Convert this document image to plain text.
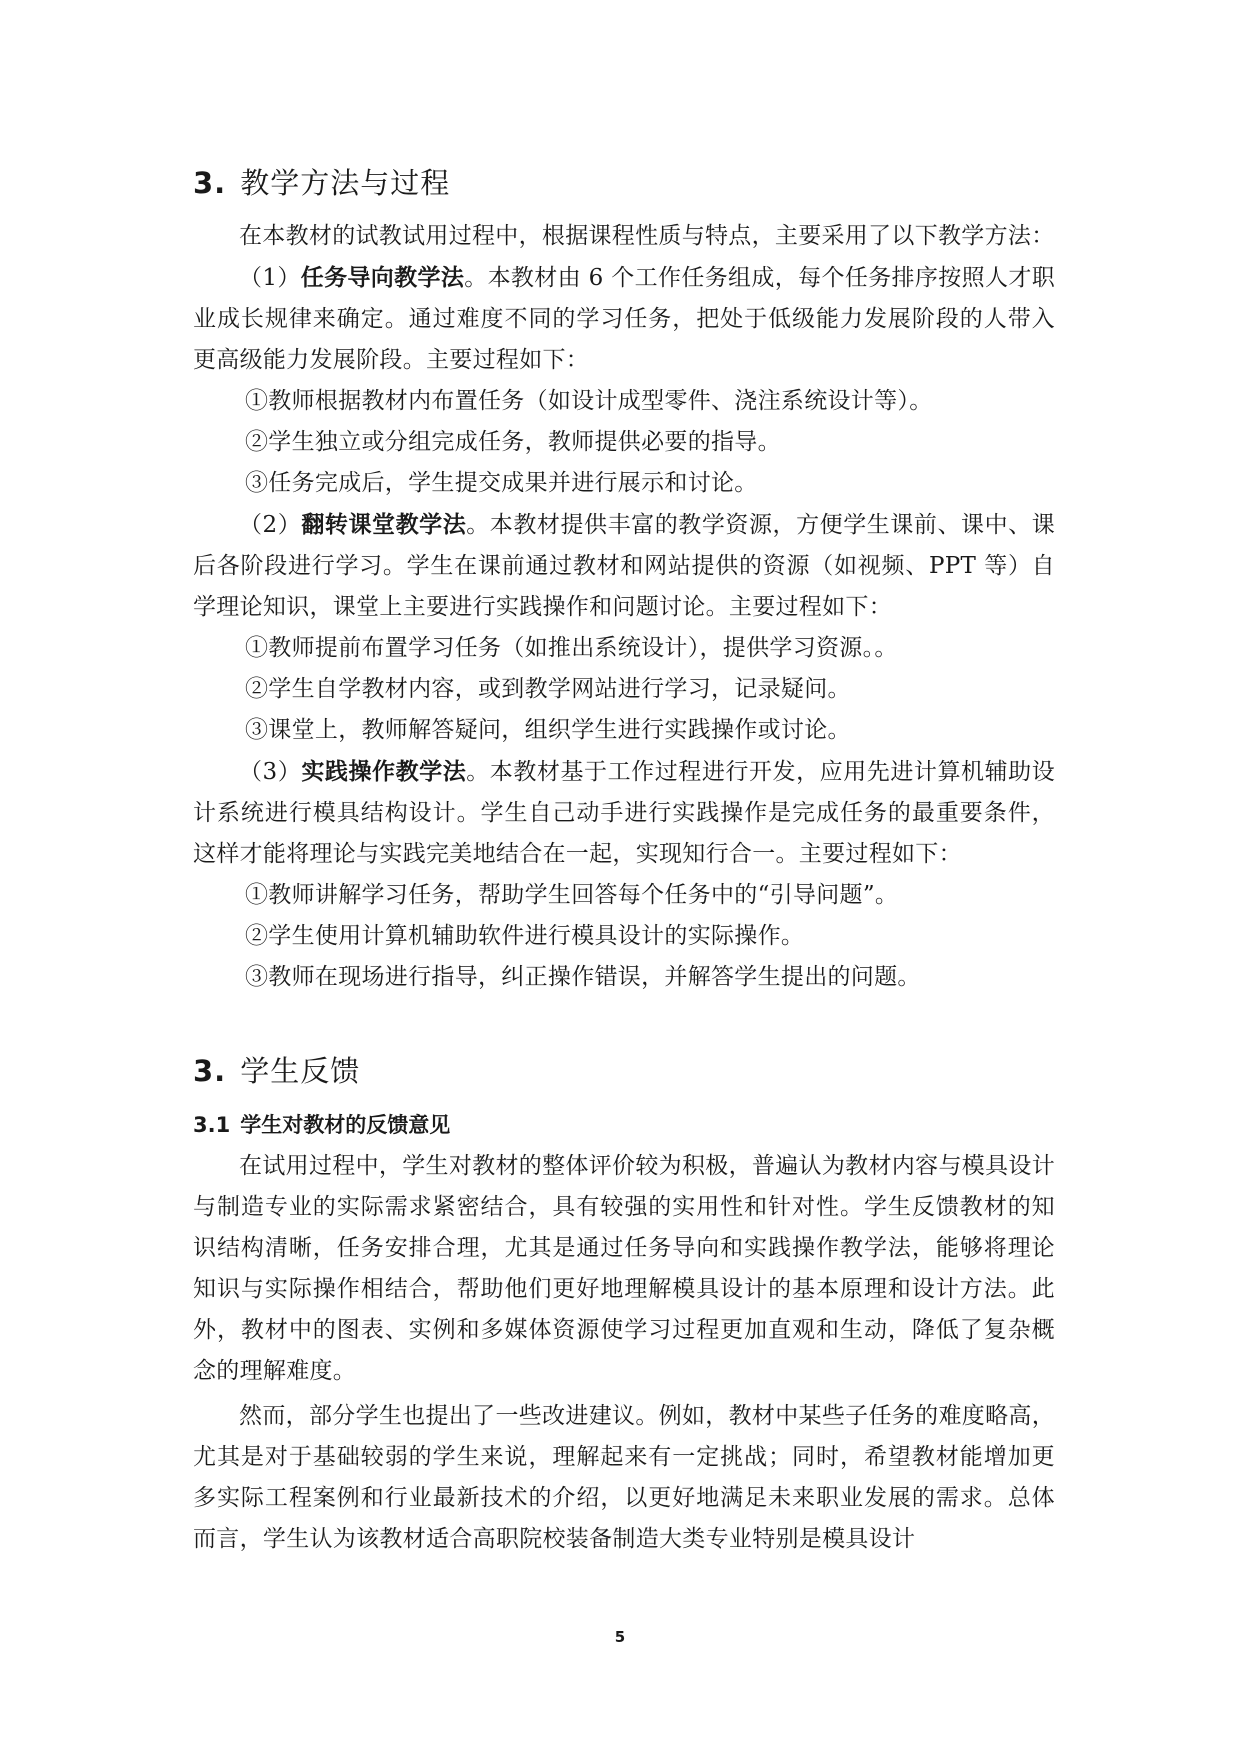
3. 教学方法与过程

在本教材的试教试用过程中，根据课程性质与特点，主要采用了以下教学方法：

（1）任务导向教学法。本教材由 6 个工作任务组成，每个任务排序按照人才职业成长规律来确定。通过难度不同的学习任务，把处于低级能力发展阶段的人带入更高级能力发展阶段。主要过程如下：

①教师根据教材内布置任务（如设计成型零件、浇注系统设计等）。

②学生独立或分组完成任务，教师提供必要的指导。

③任务完成后，学生提交成果并进行展示和讨论。

（2）翻转课堂教学法。本教材提供丰富的教学资源，方便学生课前、课中、课后各阶段进行学习。学生在课前通过教材和网站提供的资源（如视频、PPT 等）自学理论知识，课堂上主要进行实践操作和问题讨论。主要过程如下：

①教师提前布置学习任务（如推出系统设计），提供学习资源。。

②学生自学教材内容，或到教学网站进行学习，记录疑问。

③课堂上，教师解答疑问，组织学生进行实践操作或讨论。

（3）实践操作教学法。本教材基于工作过程进行开发，应用先进计算机辅助设计系统进行模具结构设计。学生自己动手进行实践操作是完成任务的最重要条件，这样才能将理论与实践完美地结合在一起，实现知行合一。主要过程如下：

①教师讲解学习任务，帮助学生回答每个任务中的“引导问题”。

②学生使用计算机辅助软件进行模具设计的实际操作。

③教师在现场进行指导，纠正操作错误，并解答学生提出的问题。

3. 学生反馈
3.1 学生对教材的反馈意见

在试用过程中，学生对教材的整体评价较为积极，普遍认为教材内容与模具设计与制造专业的实际需求紧密结合，具有较强的实用性和针对性。学生反馈教材的知识结构清晰，任务安排合理，尤其是通过任务导向和实践操作教学法，能够将理论知识与实际操作相结合，帮助他们更好地理解模具设计的基本原理和设计方法。此外，教材中的图表、实例和多媒体资源使学习过程更加直观和生动，降低了复杂概念的理解难度。

然而，部分学生也提出了一些改进建议。例如，教材中某些子任务的难度略高，尤其是对于基础较弱的学生来说，理解起来有一定挑战；同时，希望教材能增加更多实际工程案例和行业最新技术的介绍，以更好地满足未来职业发展的需求。总体而言，学生认为该教材适合高职院校装备制造大类专业特别是模具设计

5
